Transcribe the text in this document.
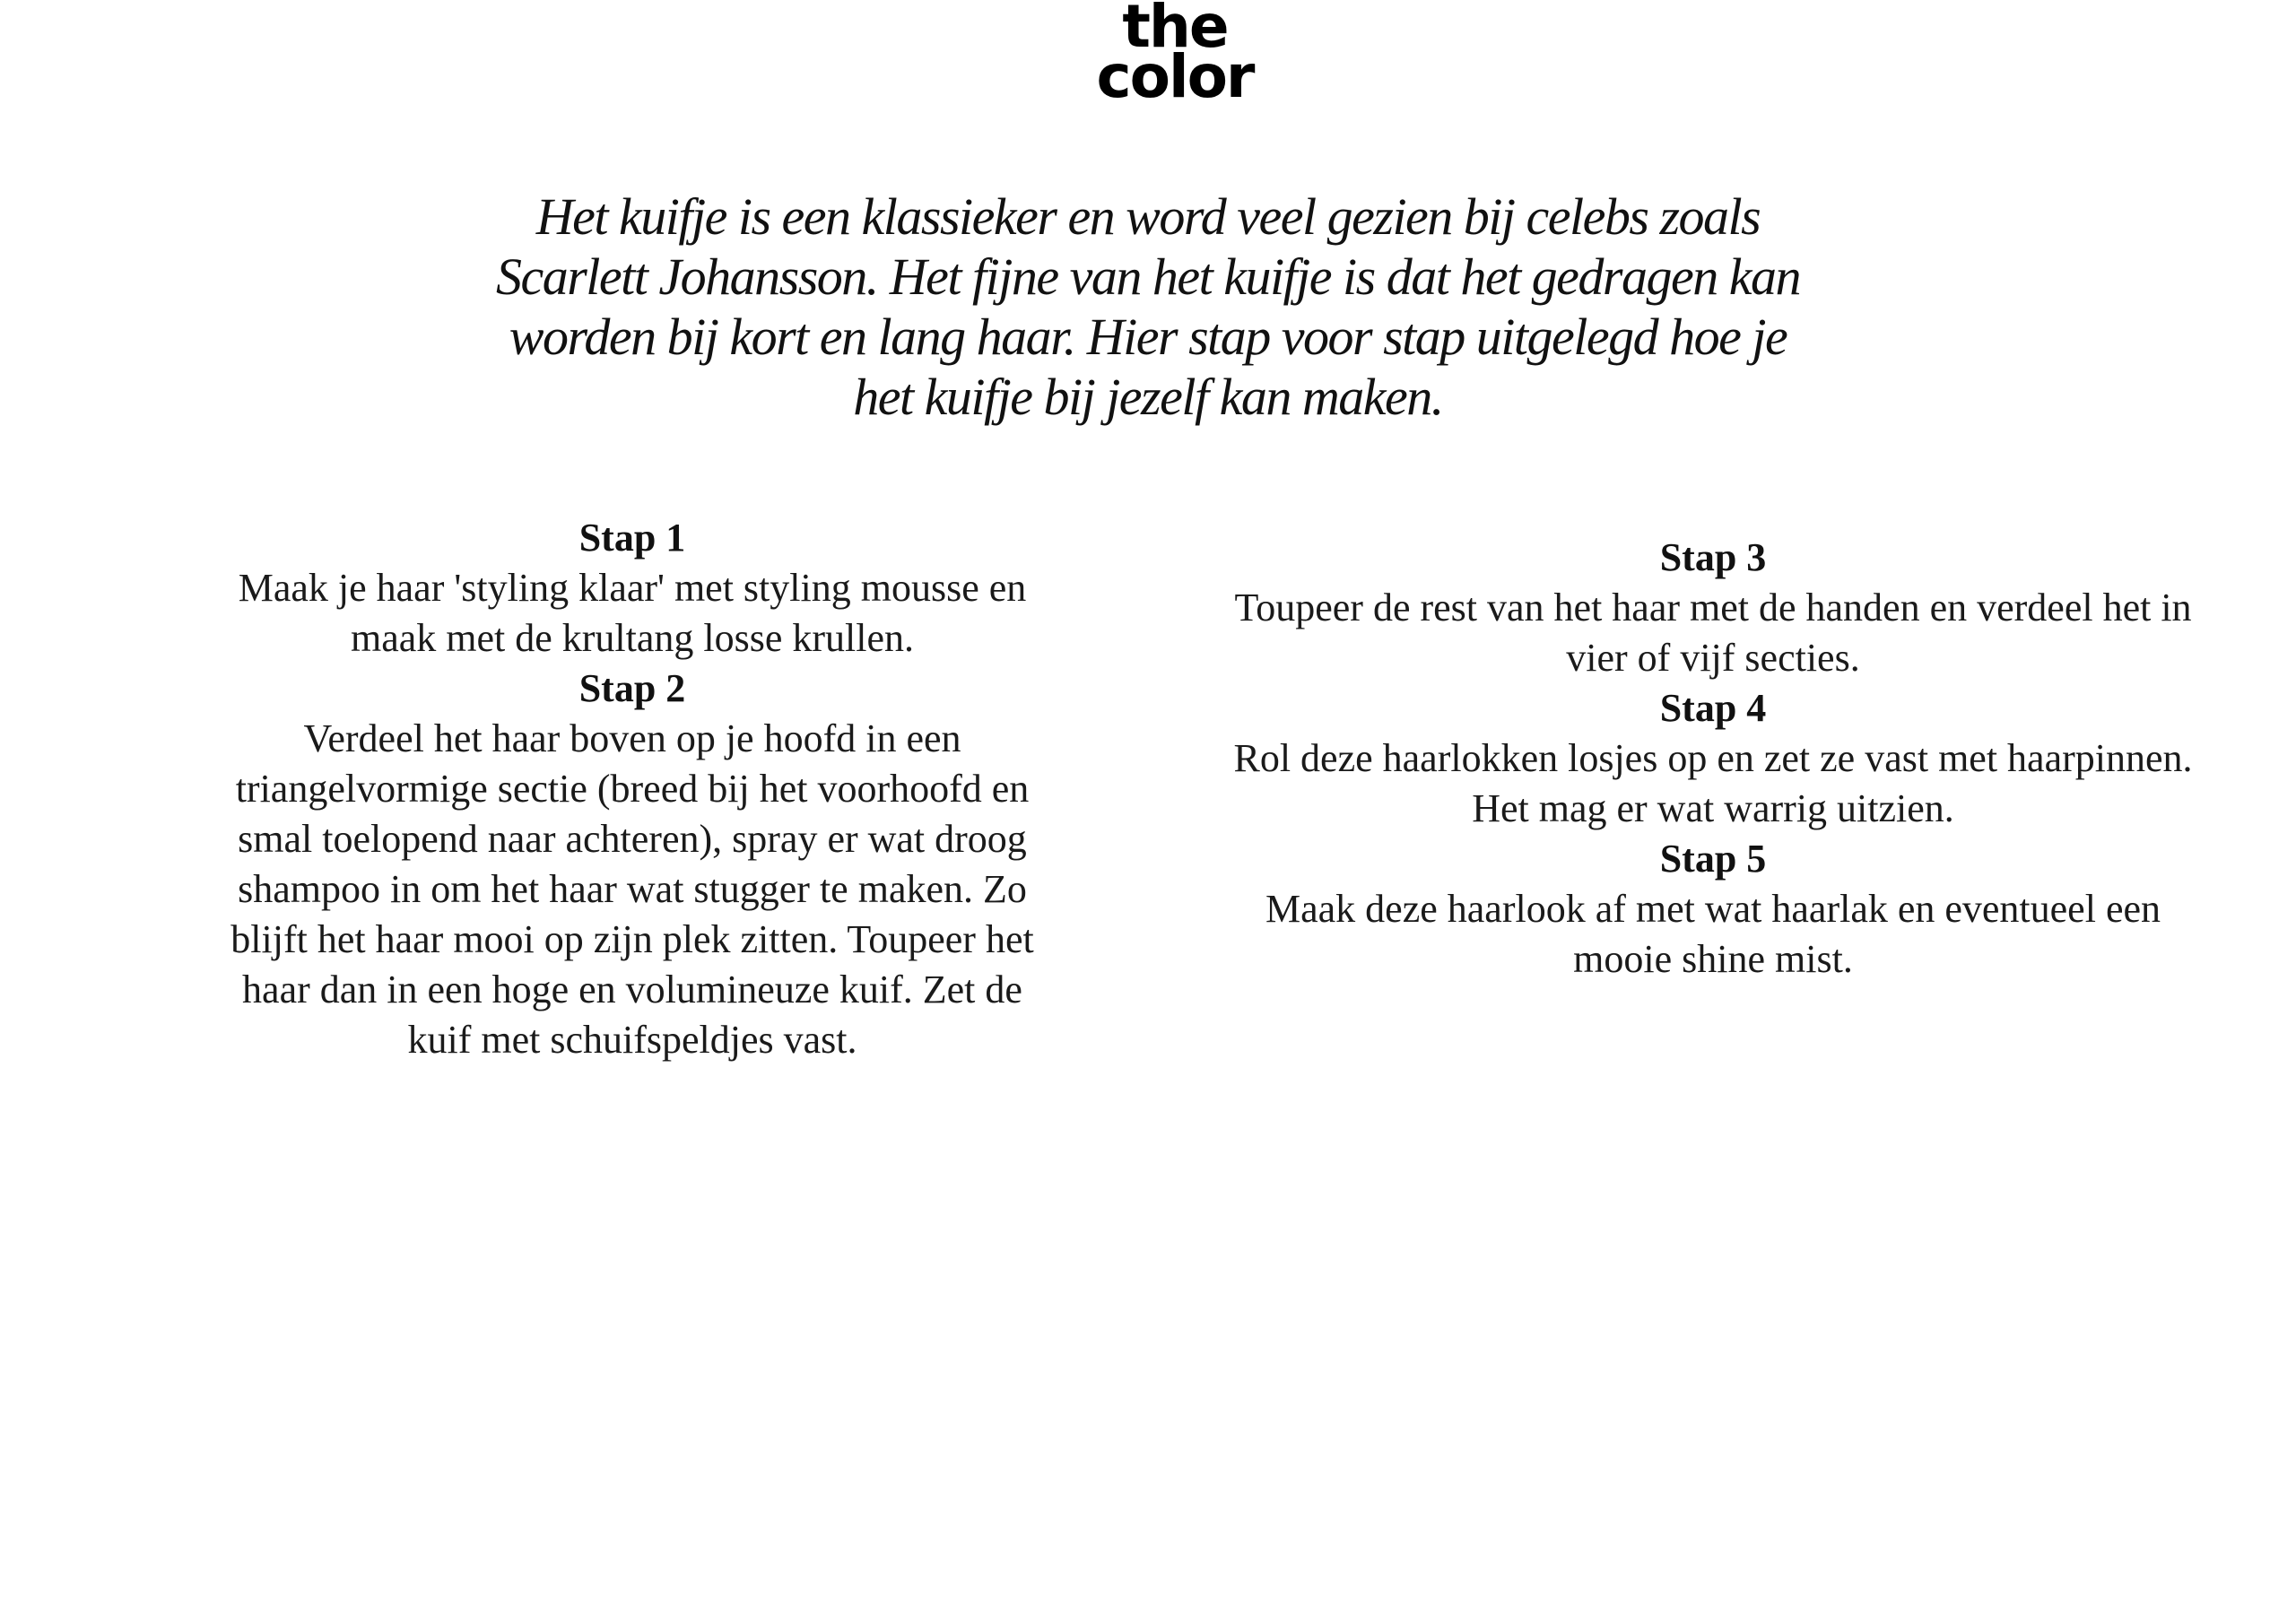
the
color

Het kuifje is een klassieker en word veel gezien bij celebs zoals Scarlett Johansson. Het fijne van het kuifje is dat het gedragen kan worden bij kort en lang haar. Hier stap voor stap uitgelegd hoe je het kuifje bij jezelf kan maken.

Stap 1
Maak je haar 'styling klaar' met styling mousse en maak met de krultang losse krullen.
Stap 2
Verdeel het haar boven op je hoofd in een triangelvormige sectie (breed bij het voorhoofd en smal toelopend naar achteren), spray er wat droog shampoo in om het haar wat stugger te maken. Zo blijft het haar mooi op zijn plek zitten. Toupeer het haar dan in een hoge en volumineuze kuif. Zet de kuif met schuifspeldjes vast.
Stap 3
Toupeer de rest van het haar met de handen en verdeel het in vier of vijf secties.
Stap 4
Rol deze haarlokken losjes op en zet ze vast met haarpinnen. Het mag er wat warrig uitzien.
Stap 5
Maak deze haarlook af met wat haarlak en eventueel een mooie shine mist.
